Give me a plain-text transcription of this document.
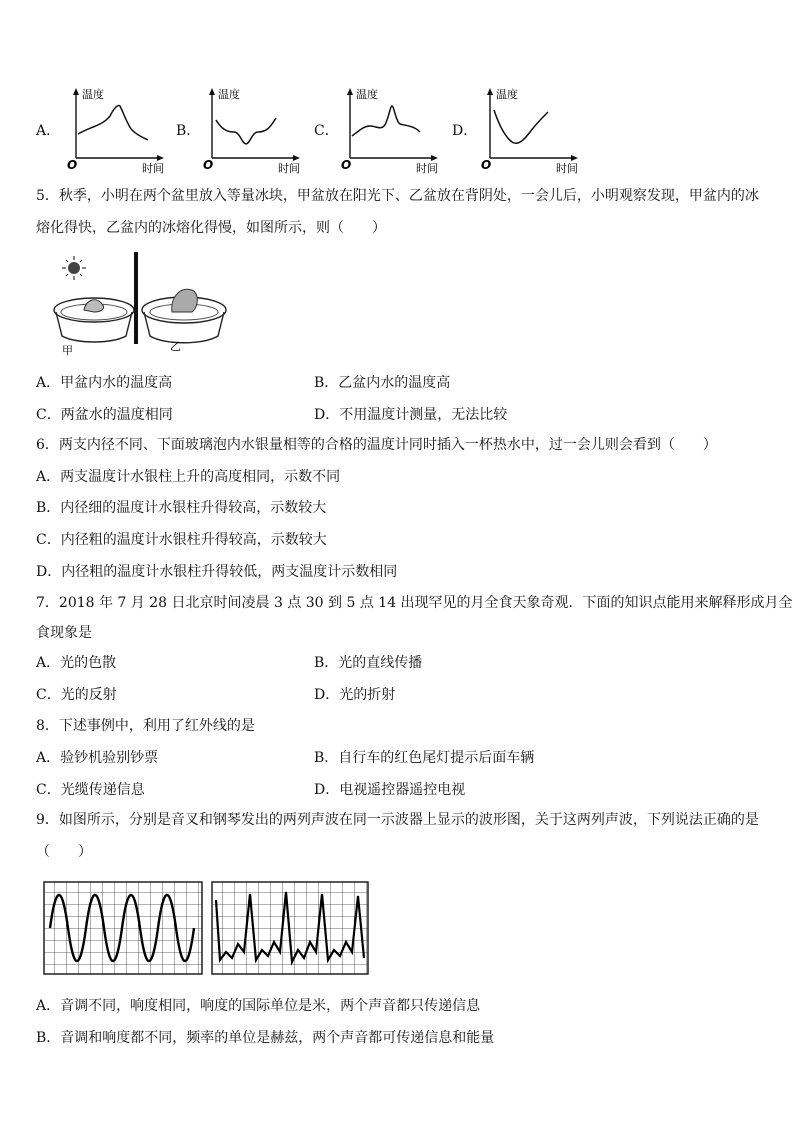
A．
温度
O	时间
B．
温度
O	时间
C．
温度
O	时间
D．
温度
O	时间
5．秋季，小明在两个盆里放入等量冰块，甲盆放在阳光下、乙盆放在背阴处，一会儿后，小明观察发现，甲盆内的冰
熔化得快，乙盆内的冰熔化得慢，如图所示，则（　　）
甲	乙
A．甲盆内水的温度高	B．乙盆内水的温度高
C．两盆水的温度相同	D．不用温度计测量，无法比较
6．两支内径不同、下面玻璃泡内水银量相等的合格的温度计同时插入一杯热水中，过一会儿则会看到（　　）
A．两支温度计水银柱上升的高度相同，示数不同
B．内径细的温度计水银柱升得较高，示数较大
C．内径粗的温度计水银柱升得较高，示数较大
D．内径粗的温度计水银柱升得较低，两支温度计示数相同
7．2018 年 7 月 28 日北京时间凌晨 3 点 30 到 5 点 14 出现罕见的月全食天象奇观．下面的知识点能用来解释形成月全
食现象是
A．光的色散	B．光的直线传播
C．光的反射	D．光的折射
8．下述事例中，利用了红外线的是
A．验钞机验别钞票	B．自行车的红色尾灯提示后面车辆
C．光缆传递信息	D．电视遥控器遥控电视
9．如图所示，分别是音叉和钢琴发出的两列声波在同一示波器上显示的波形图，关于这两列声波，下列说法正确的是
（　　）
A．音调不同，响度相同，响度的国际单位是米，两个声音都只传递信息
B．音调和响度都不同，频率的单位是赫兹，两个声音都可传递信息和能量
